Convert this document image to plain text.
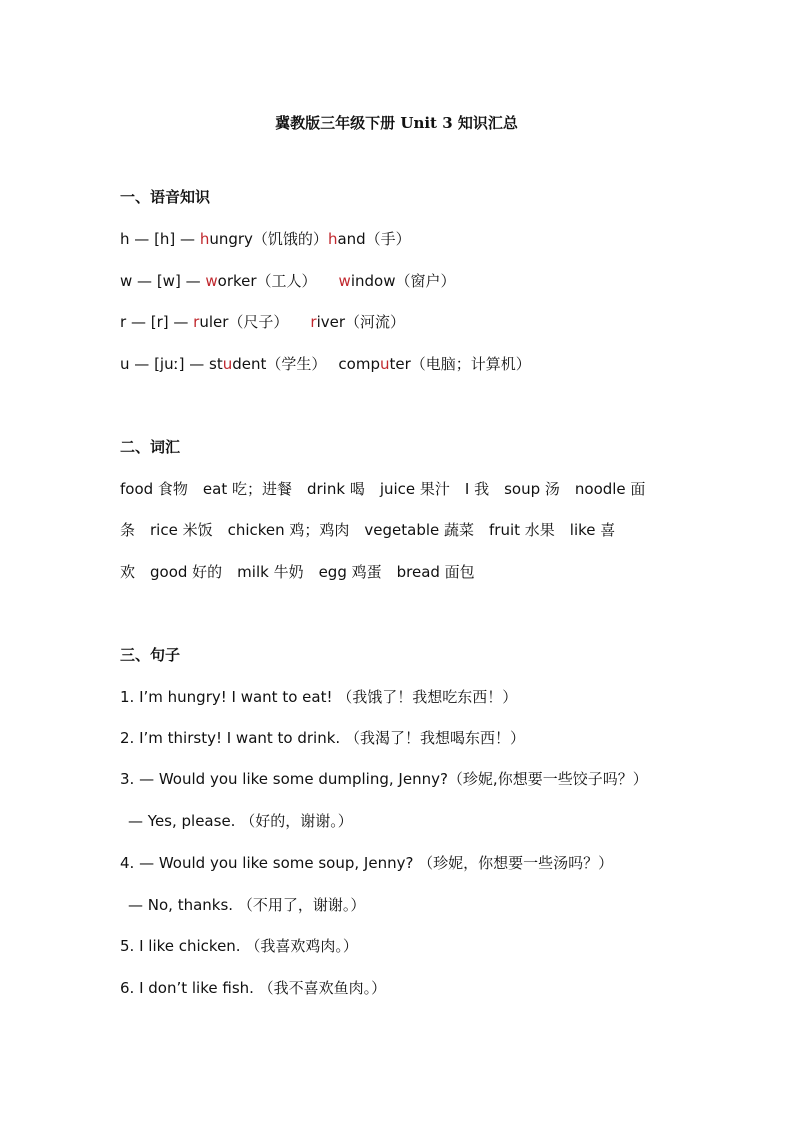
冀教版三年级下册 Unit 3 知识汇总
一、语音知识
h — [h] — hungry（饥饿的）hand（手）
w — [w] — worker（工人） window（窗户）
r — [r] — ruler（尺子） river（河流）
u — [juː] — student（学生） computer（电脑；计算机）
二、词汇
food 食物　eat 吃；进餐　drink 喝　juice 果汁　I 我　soup 汤　noodle 面
条　rice 米饭　chicken 鸡；鸡肉　vegetable 蔬菜　fruit 水果　like 喜
欢　good 好的　milk 牛奶　egg 鸡蛋　bread 面包
三、句子
1. I’m hungry! I want to eat! （我饿了！我想吃东西！）
2. I’m thirsty! I want to drink. （我渴了！我想喝东西！）
3. — Would you like some dumpling, Jenny?（珍妮,你想要一些饺子吗？）
— Yes, please. （好的，谢谢。）
4. — Would you like some soup, Jenny? （珍妮，你想要一些汤吗？）
— No, thanks. （不用了，谢谢。）
5. I like chicken. （我喜欢鸡肉。）
6. I don’t like fish. （我不喜欢鱼肉。）
